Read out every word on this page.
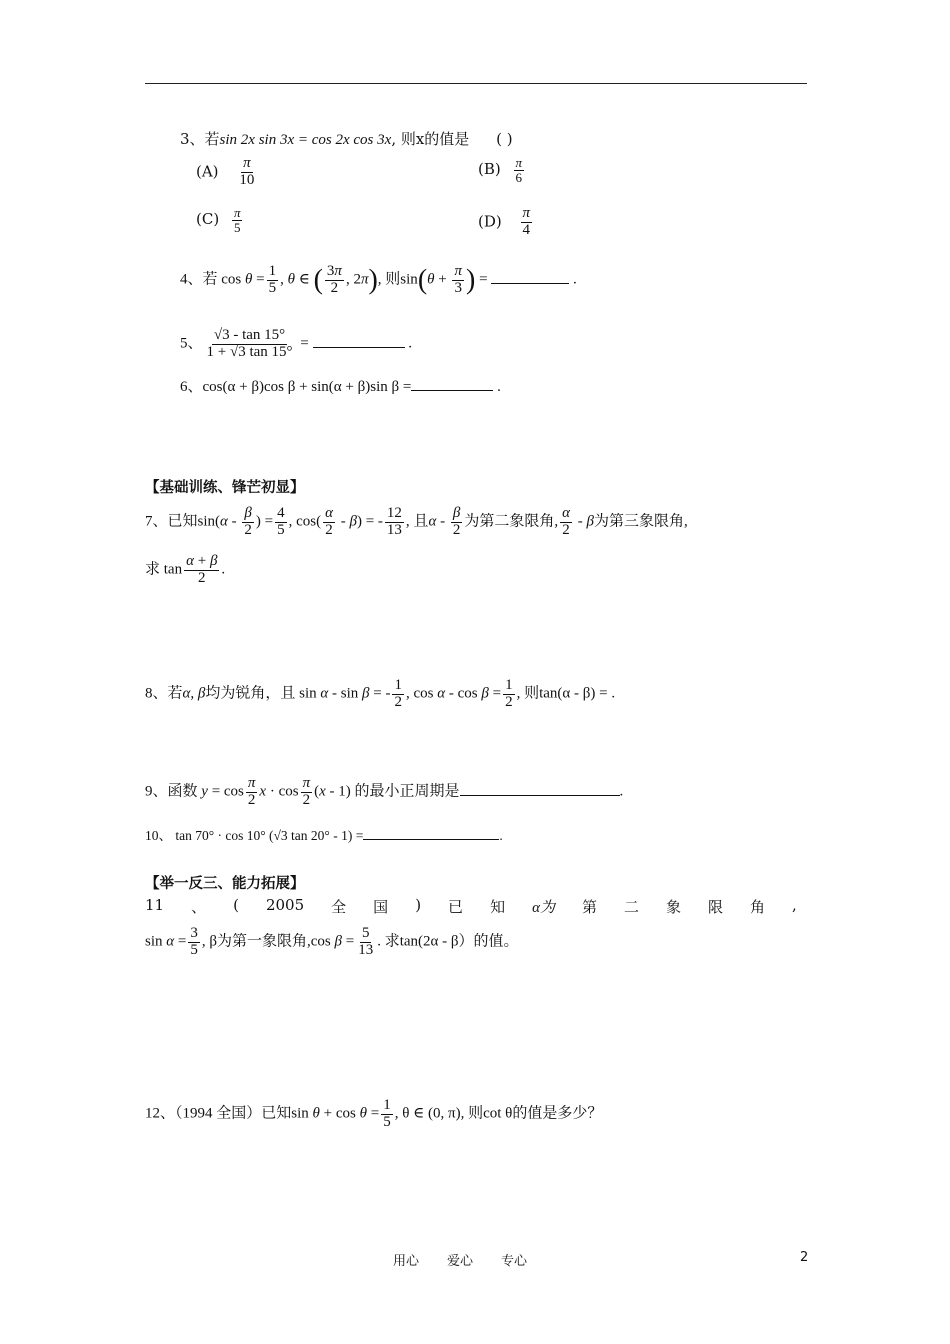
3、若sin 2x sin 3x = cos 2x cos 3x, 则x的值是 ( )
$(A) \frac{\pi}{10}$	$(B) \frac{\pi}{6}$
$(C) \frac{\pi}{5}$	$(D) \frac{\pi}{4}$
4、若 $\cos \theta = \frac{1}{5}$ , θ ∈ ( $\frac{3\pi}{2}$ , 2π), 则$\sin(\theta + \frac{\pi}{3}$ ) =	.
5、 $\frac{√3 - \tan 15^\circ}{1 + √3 \tan 15^\circ}$ =	.
6、cos(α + β)cos β + sin(α + β)sin β =	.
【基础训练、锋芒初显】
7、已知$\sin(\alpha - \frac{\beta}{2}$ ) = $\frac{4}{5}$ , $\cos( \frac{\alpha}{2} - \beta)$ = - $\frac{12}{13}$ , 且α - $\frac{\beta}{2}$ 为第二象限角, $\frac{\alpha}{2}$ - β为第三象限角,
求 $\tan \frac{\alpha + \beta}{2}$ .
8、若α, β均为锐角，且 sin α - sin β = - $\frac{1}{2}$ , $\cos \alpha - \cos \beta = \frac{1}{2}$ , 则tan(α - β) = .
9、函数 $y = \cos \frac{\pi}{2}$ $x \cdot \cos \frac{\pi}{2} (x - 1)$ 的最小正周期是	.
10、 tan 70° · cos 10° (√3 tan 20° - 1) =	.
【举一反三、能力拓展】
11 、 ( 2005 全 国 ) 已 知 α为 第 二 象 限 角 ,
$\sin \alpha = \frac{3}{5}$ , β为第一象限角,cos $\beta = \frac{5}{13}$ . 求tan(2α - β）的值。
12、（1994 全国）已知$\sin \theta + \cos \theta = \frac{1}{5}$ , θ ∈ (0, π), 则cot θ的值是多少？
用心 爱心 专心	2
